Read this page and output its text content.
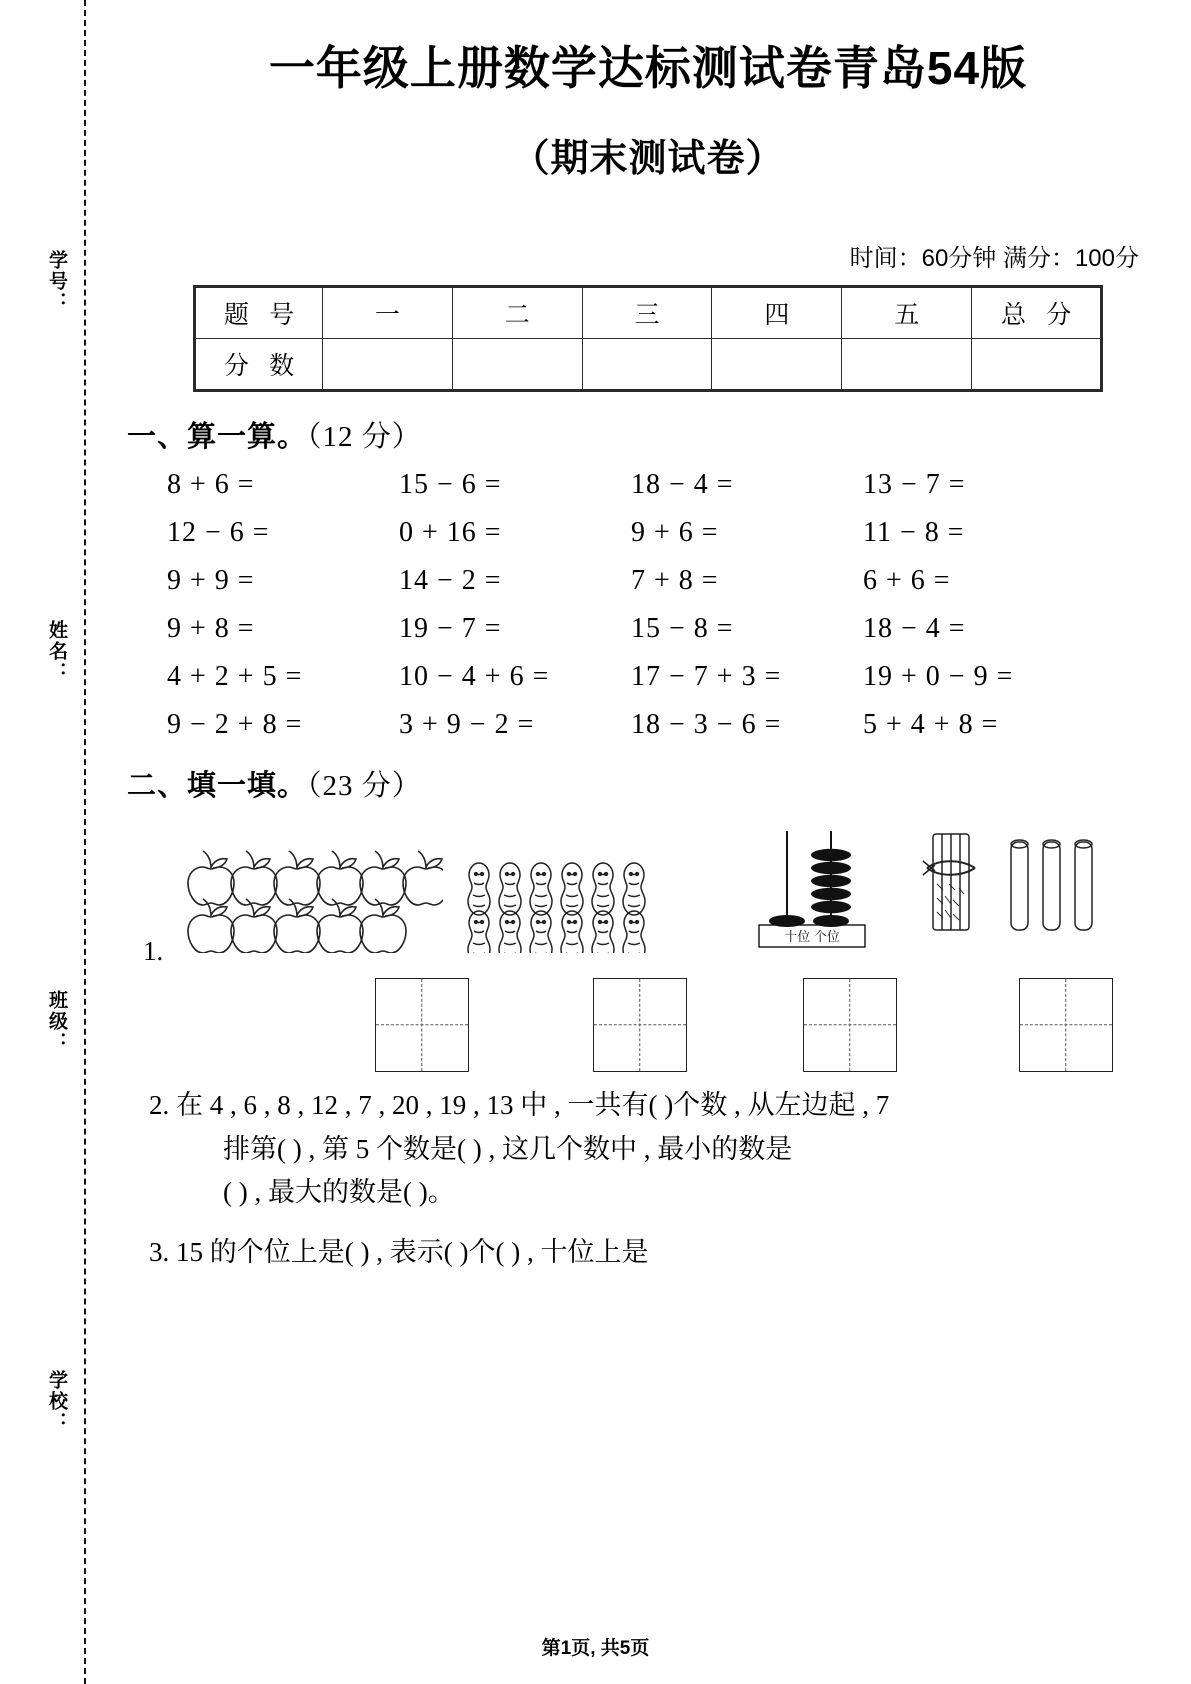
学号：
姓名：
班级：
学校：
一年级上册数学达标测试卷青岛54版
（期末测试卷）
时间：60分钟 满分：100分
题 号	一	二	三	四	五	总 分
分 数						
一、算一算。（12 分）
8 + 6 =	15 − 6 =	18 − 4 =	13 − 7 =
12 − 6 =	0 + 16 =	9 + 6 =	11 − 8 =
9 + 9 =	14 − 2 =	7 + 8 =	6 + 6 =
9 + 8 =	19 − 7 =	15 − 8 =	18 − 4 =
4 + 2 + 5 =	10 − 4 + 6 =	17 − 7 + 3 =	19 + 0 − 9 =
9 − 2 + 8 =	3 + 9 − 2 =	18 − 3 − 6 =	5 + 4 + 8 =
二、填一填。（23 分）
1.	十位 个位
2. 在 4 , 6 , 8 , 12 , 7 , 20 , 19 , 13 中 , 一共有( )个数 , 从左边起 , 7
排第( ) , 第 5 个数是( ) , 这几个数中 , 最小的数是
( ) , 最大的数是( )。
3. 15 的个位上是( ) , 表示( )个( ) , 十位上是
第1页, 共5页
